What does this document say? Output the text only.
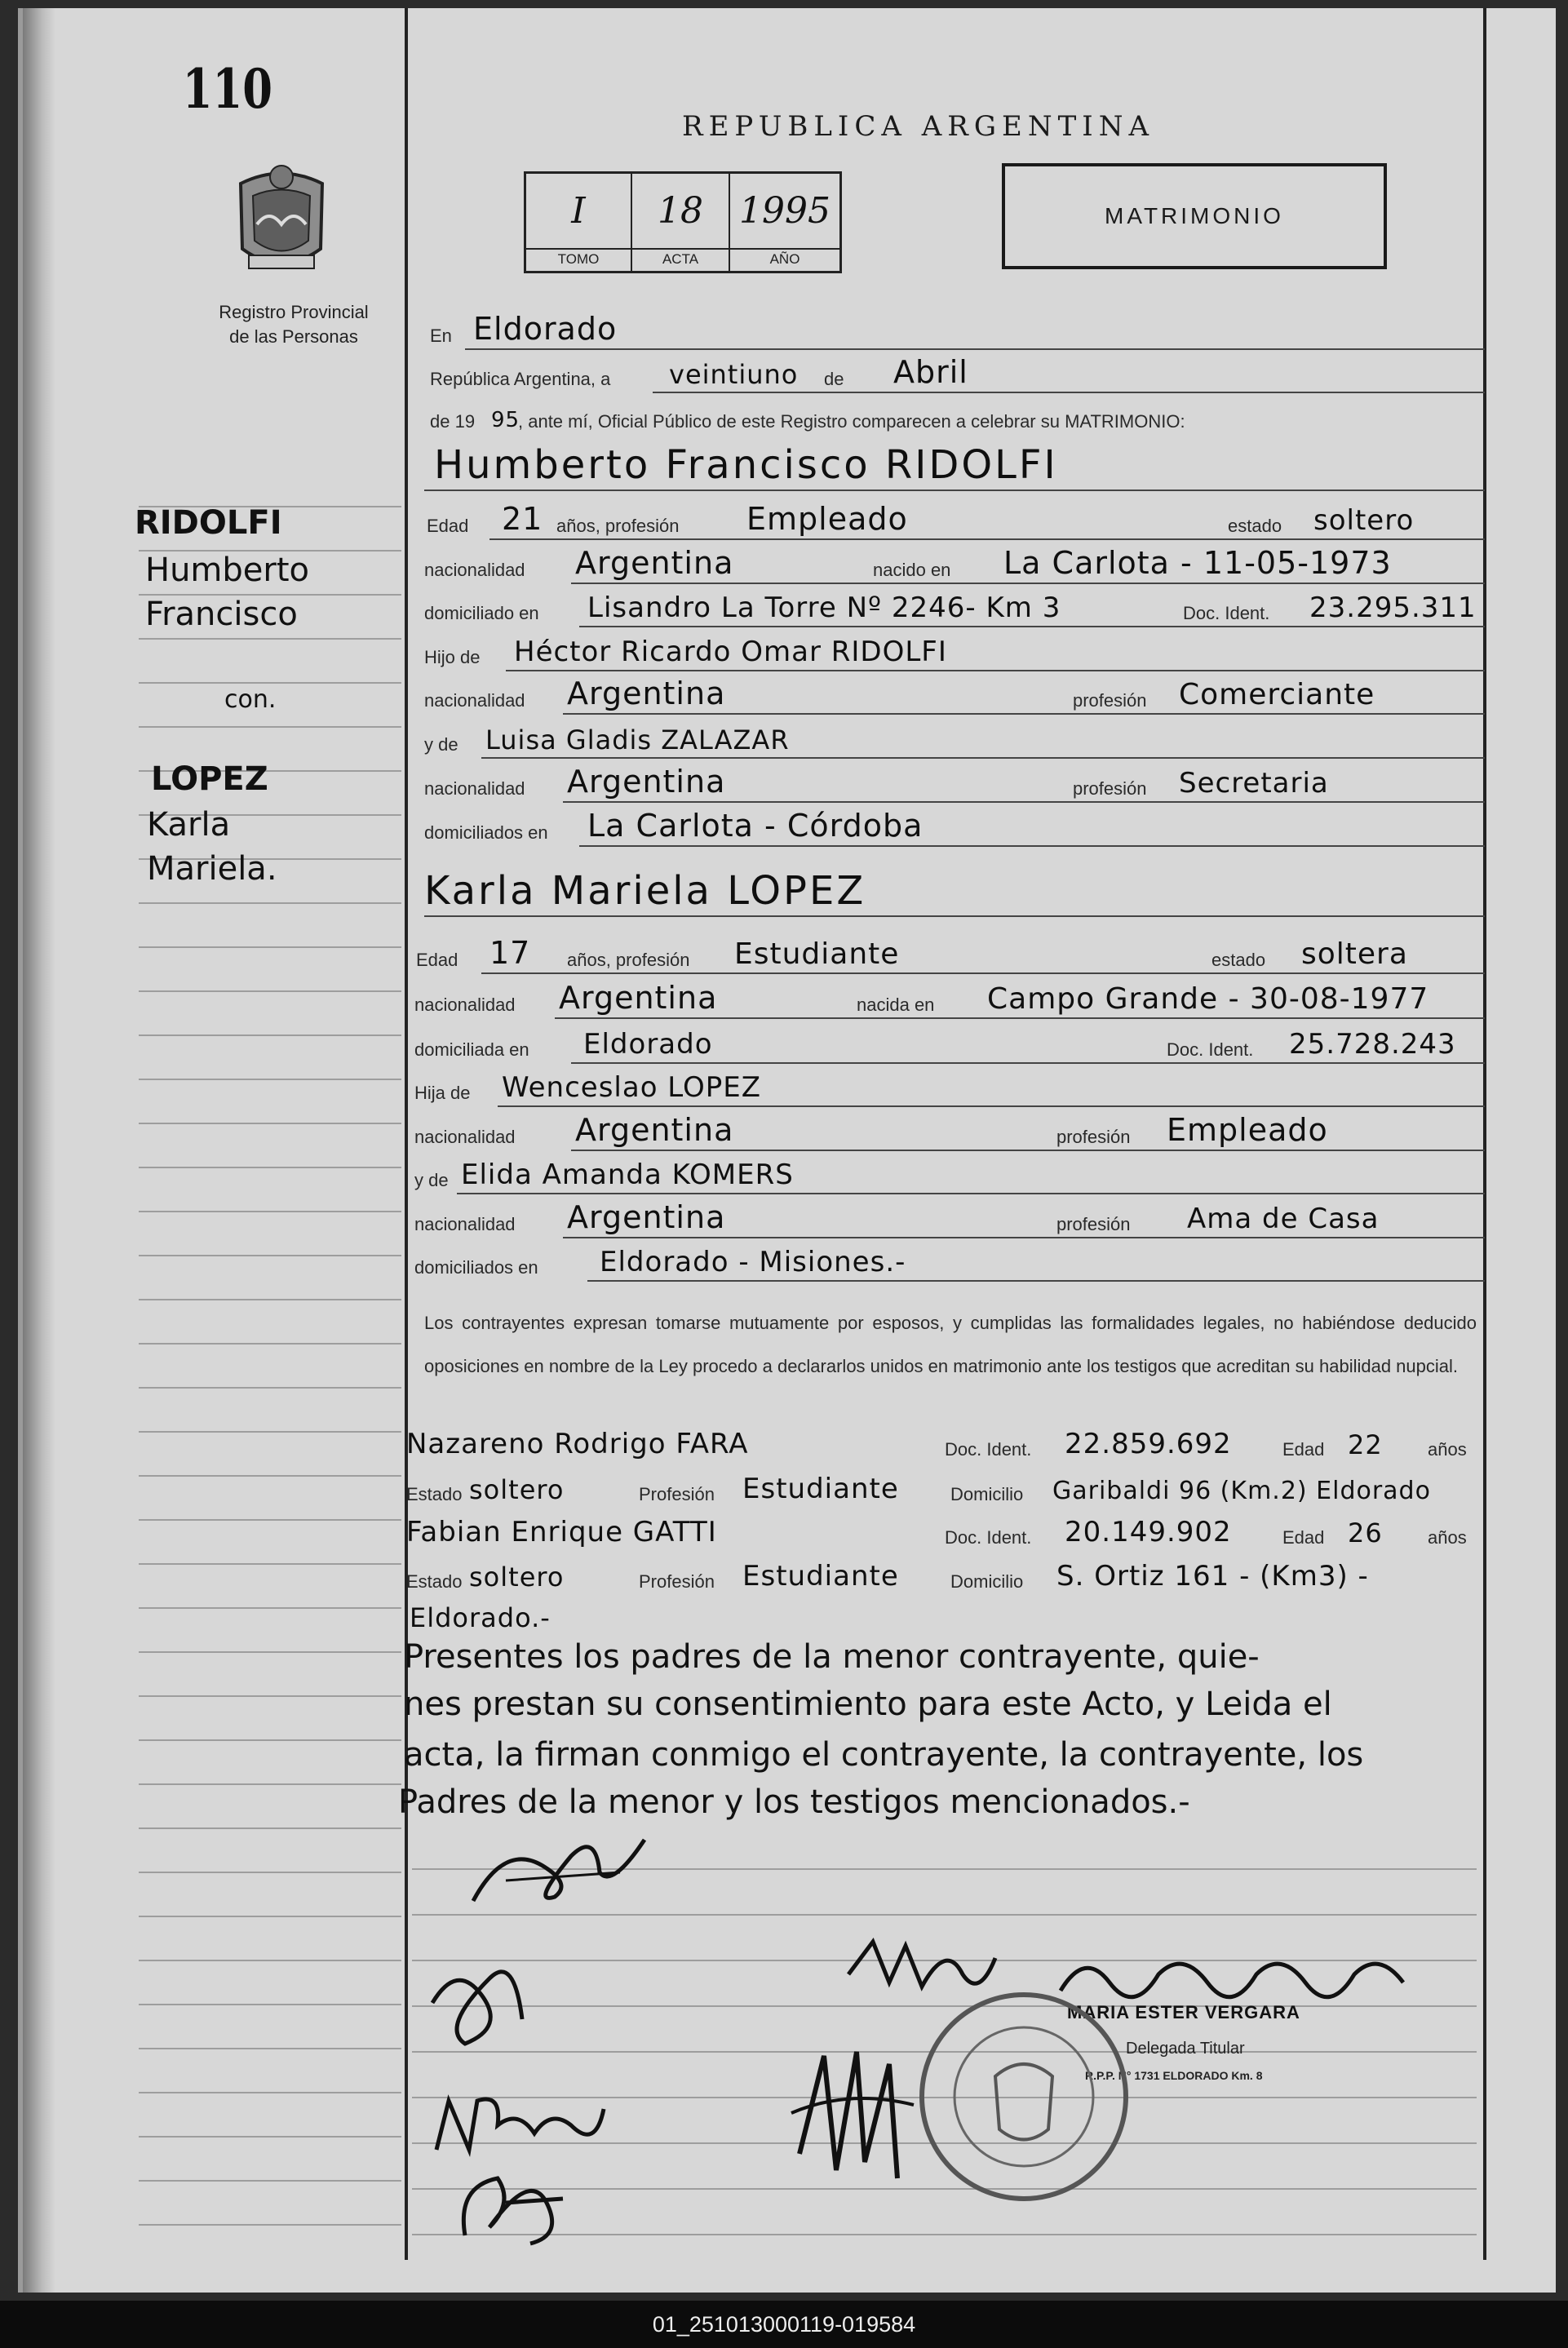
110
Registro Provincial
de las Personas
REPUBLICA ARGENTINA
I
TOMO
18
ACTA
1995
AÑO
MATRIMONIO
RIDOLFI
Humberto
Francisco
con.
LOPEZ
Karla
Mariela.
En Eldorado
República Argentina, a veintiuno de Abril
de 19 95
, ante mí, Oficial Público de este Registro comparecen a celebrar su MATRIMONIO:
Humberto Francisco RIDOLFI
Edad 21 años, profesión Empleado	estado soltero
nacionalidad Argentina	nacido en La Carlota - 11-05-1973
domiciliado en Lisandro La Torre Nº 2246- Km 3	Doc. Ident. 23.295.311
Hijo de Héctor Ricardo Omar RIDOLFI
nacionalidad Argentina	profesión Comerciante
y de Luisa Gladis ZALAZAR
nacionalidad Argentina	profesión Secretaria
domiciliados en La Carlota - Córdoba
Karla Mariela LOPEZ
Edad 17 años, profesión Estudiante	estado soltera
nacionalidad Argentina	nacida en Campo Grande - 30-08-1977
domiciliada en Eldorado	Doc. Ident. 25.728.243
Hija de Wenceslao LOPEZ
nacionalidad Argentina	profesión Empleado
y de Elida Amanda KOMERS
nacionalidad Argentina	profesión Ama de Casa
domiciliados en Eldorado - Misiones.-
Los contrayentes expresan tomarse mutuamente por esposos, y cumplidas las formalidades legales, no habiéndose deducido oposiciones en nombre de la Ley procedo a declararlos unidos en matrimonio ante los testigos que acreditan su habilidad nupcial.
Nazareno Rodrigo FARA	Doc. Ident. 22.859.692	Edad 22	años
Estado soltero	Profesión Estudiante	Domicilio Garibaldi 96 (Km.2) Eldorado
Fabian Enrique GATTI	Doc. Ident. 20.149.902	Edad 26	años
Estado soltero	Profesión Estudiante	Domicilio S. Ortiz 161 - (Km3) -
Eldorado.-
Presentes los padres de la menor contrayente, quie-
nes prestan su consentimiento para este Acto, y Leida el
acta, la firman conmigo el contrayente, la contrayente, los
Padres de la menor y los testigos mencionados.-
MARIA ESTER VERGARA
Delegada Titular
R.P.P. N° 1731 ELDORADO Km. 8
01_251013000119-019584
